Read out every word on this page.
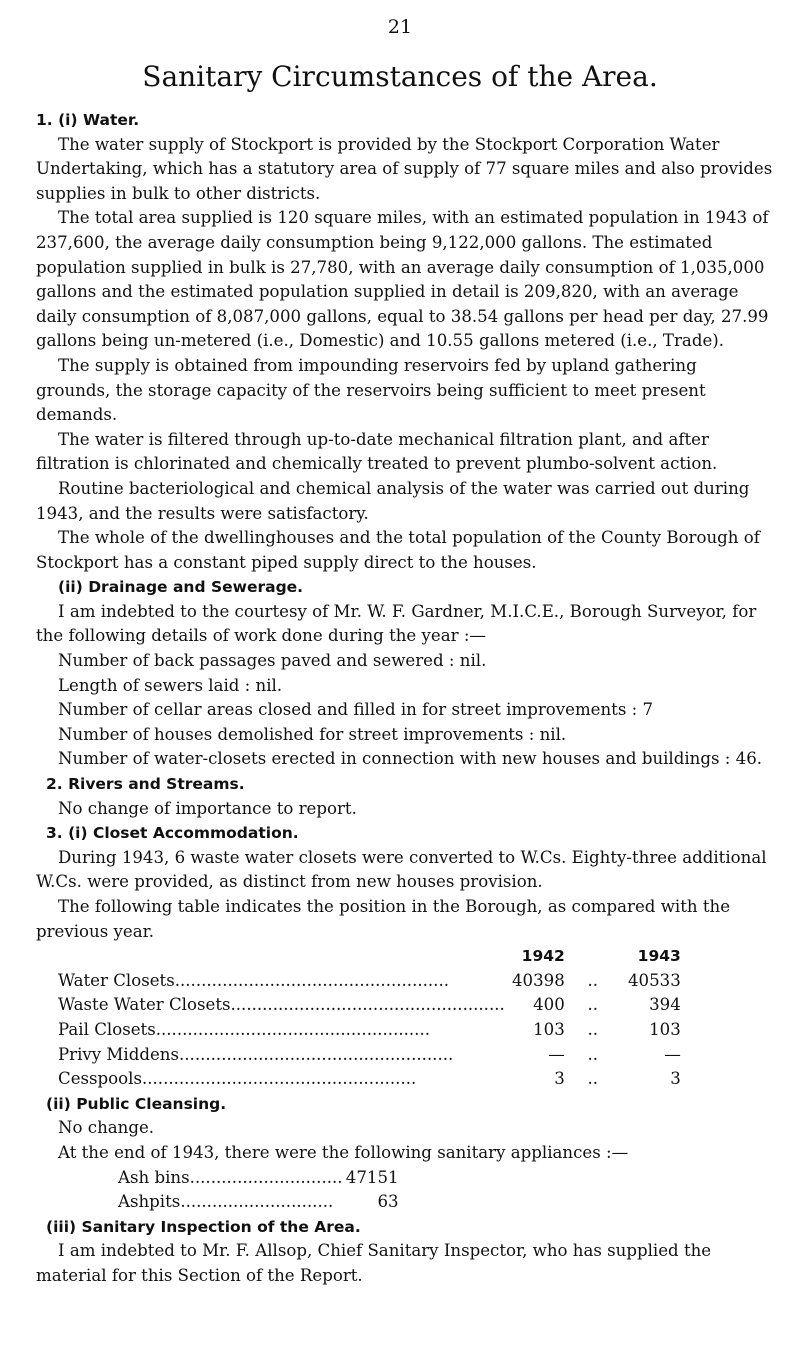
21
Sanitary Circumstances of the Area.

1. (i) Water.

The water supply of Stockport is provided by the Stockport Corporation Water Undertaking, which has a statutory area of supply of 77 square miles and also provides supplies in bulk to other districts.

The total area supplied is 120 square miles, with an estimated population in 1943 of 237,600, the average daily consumption being 9,122,000 gallons. The estimated population supplied in bulk is 27,780, with an average daily consumption of 1,035,000 gallons and the estimated population supplied in detail is 209,820, with an average daily consumption of 8,087,000 gallons, equal to 38.54 gallons per head per day, 27.99 gallons being un-metered (i.e., Domestic) and 10.55 gallons metered (i.e., Trade).

The supply is obtained from impounding reservoirs fed by upland gathering grounds, the storage capacity of the reservoirs being sufficient to meet present demands.

The water is filtered through up-to-date mechanical filtration plant, and after filtration is chlorinated and chemically treated to prevent plumbo-solvent action.

Routine bacteriological and chemical analysis of the water was carried out during 1943, and the results were satisfactory.

The whole of the dwellinghouses and the total population of the County Borough of Stockport has a constant piped supply direct to the houses.

(ii) Drainage and Sewerage.

I am indebted to the courtesy of Mr. W. F. Gardner, M.I.C.E., Borough Surveyor, for the following details of work done during the year :—

Number of back passages paved and sewered : nil.

Length of sewers laid : nil.

Number of cellar areas closed and filled in for street improvements : 7

Number of houses demolished for street improvements : nil.

Number of water-closets erected in connection with new houses and buildings : 46.

2. Rivers and Streams.

No change of importance to report.

3. (i) Closet Accommodation.

During 1943, 6 waste water closets were converted to W.Cs. Eighty-three additional W.Cs. were provided, as distinct from new houses provision.

The following table indicates the position in the Borough, as compared with the previous year.

	1942		1943
Water Closets....................................................	40398	..	40533
Waste Water Closets....................................................	400	..	394
Pail Closets....................................................	103	..	103
Privy Middens....................................................	—	..	—
Cesspools....................................................	3	..	3

(ii) Public Cleansing.

No change.

At the end of 1943, there were the following sanitary appliances :—

Ash bins.............................	47151
Ashpits.............................	63

(iii) Sanitary Inspection of the Area.

I am indebted to Mr. F. Allsop, Chief Sanitary Inspector, who has supplied the material for this Section of the Report.
